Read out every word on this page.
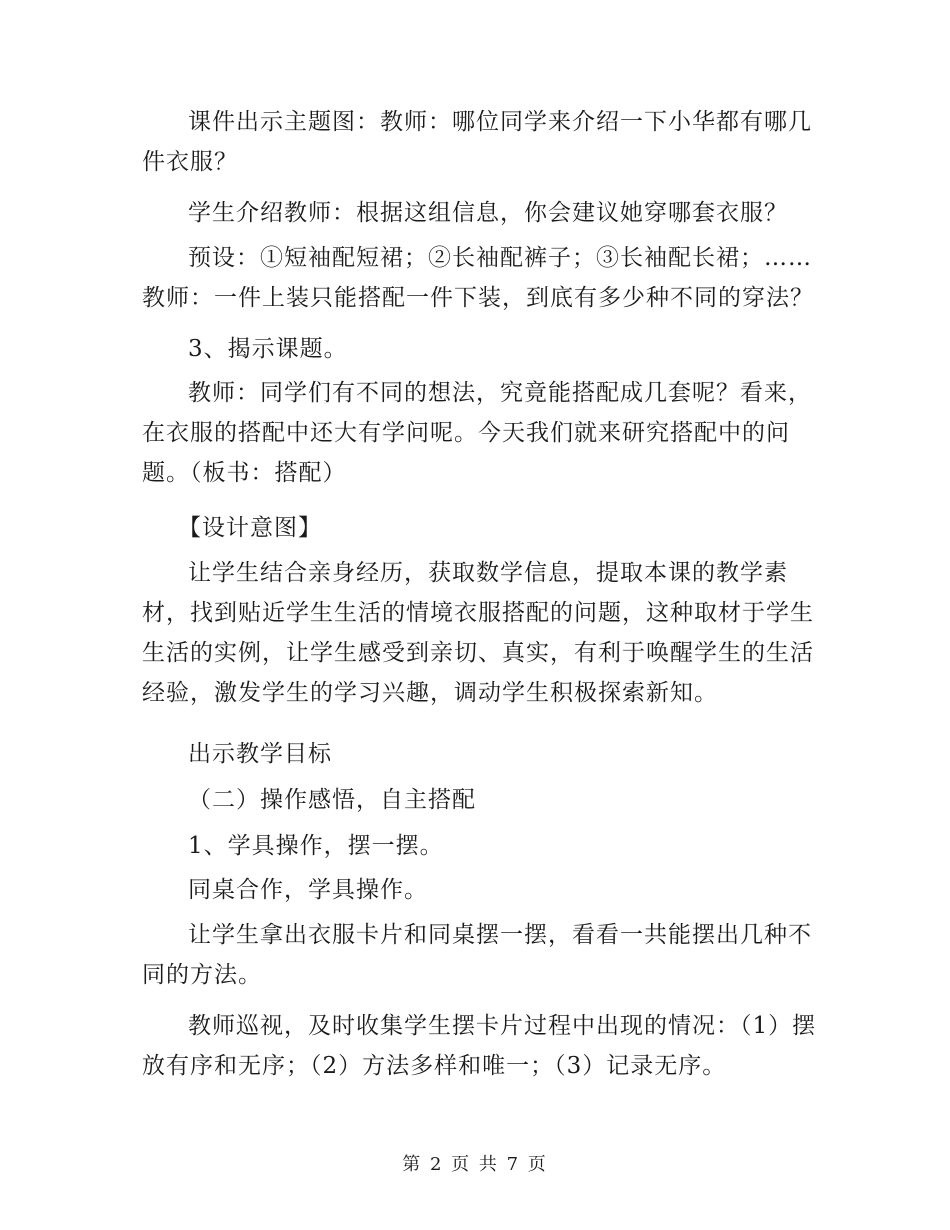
课件出示主题图：教师：哪位同学来介绍一下小华都有哪几
件衣服？
学生介绍教师：根据这组信息，你会建议她穿哪套衣服？
预设：①短袖配短裙；②长袖配裤子；③长袖配长裙；……
教师：一件上装只能搭配一件下装，到底有多少种不同的穿法？
3、揭示课题。
教师：同学们有不同的想法，究竟能搭配成几套呢？看来，
在衣服的搭配中还大有学问呢。今天我们就来研究搭配中的问
题。（板书：搭配）
【设计意图】
让学生结合亲身经历，获取数学信息，提取本课的教学素
材，找到贴近学生生活的情境衣服搭配的问题，这种取材于学生
生活的实例，让学生感受到亲切、真实，有利于唤醒学生的生活
经验，激发学生的学习兴趣，调动学生积极探索新知。
出示教学目标
（二）操作感悟，自主搭配
1、学具操作，摆一摆。
同桌合作，学具操作。
让学生拿出衣服卡片和同桌摆一摆，看看一共能摆出几种不
同的方法。
教师巡视，及时收集学生摆卡片过程中出现的情况：（1）摆
放有序和无序；（2）方法多样和唯一；（3）记录无序。
第 2 页 共 7 页
